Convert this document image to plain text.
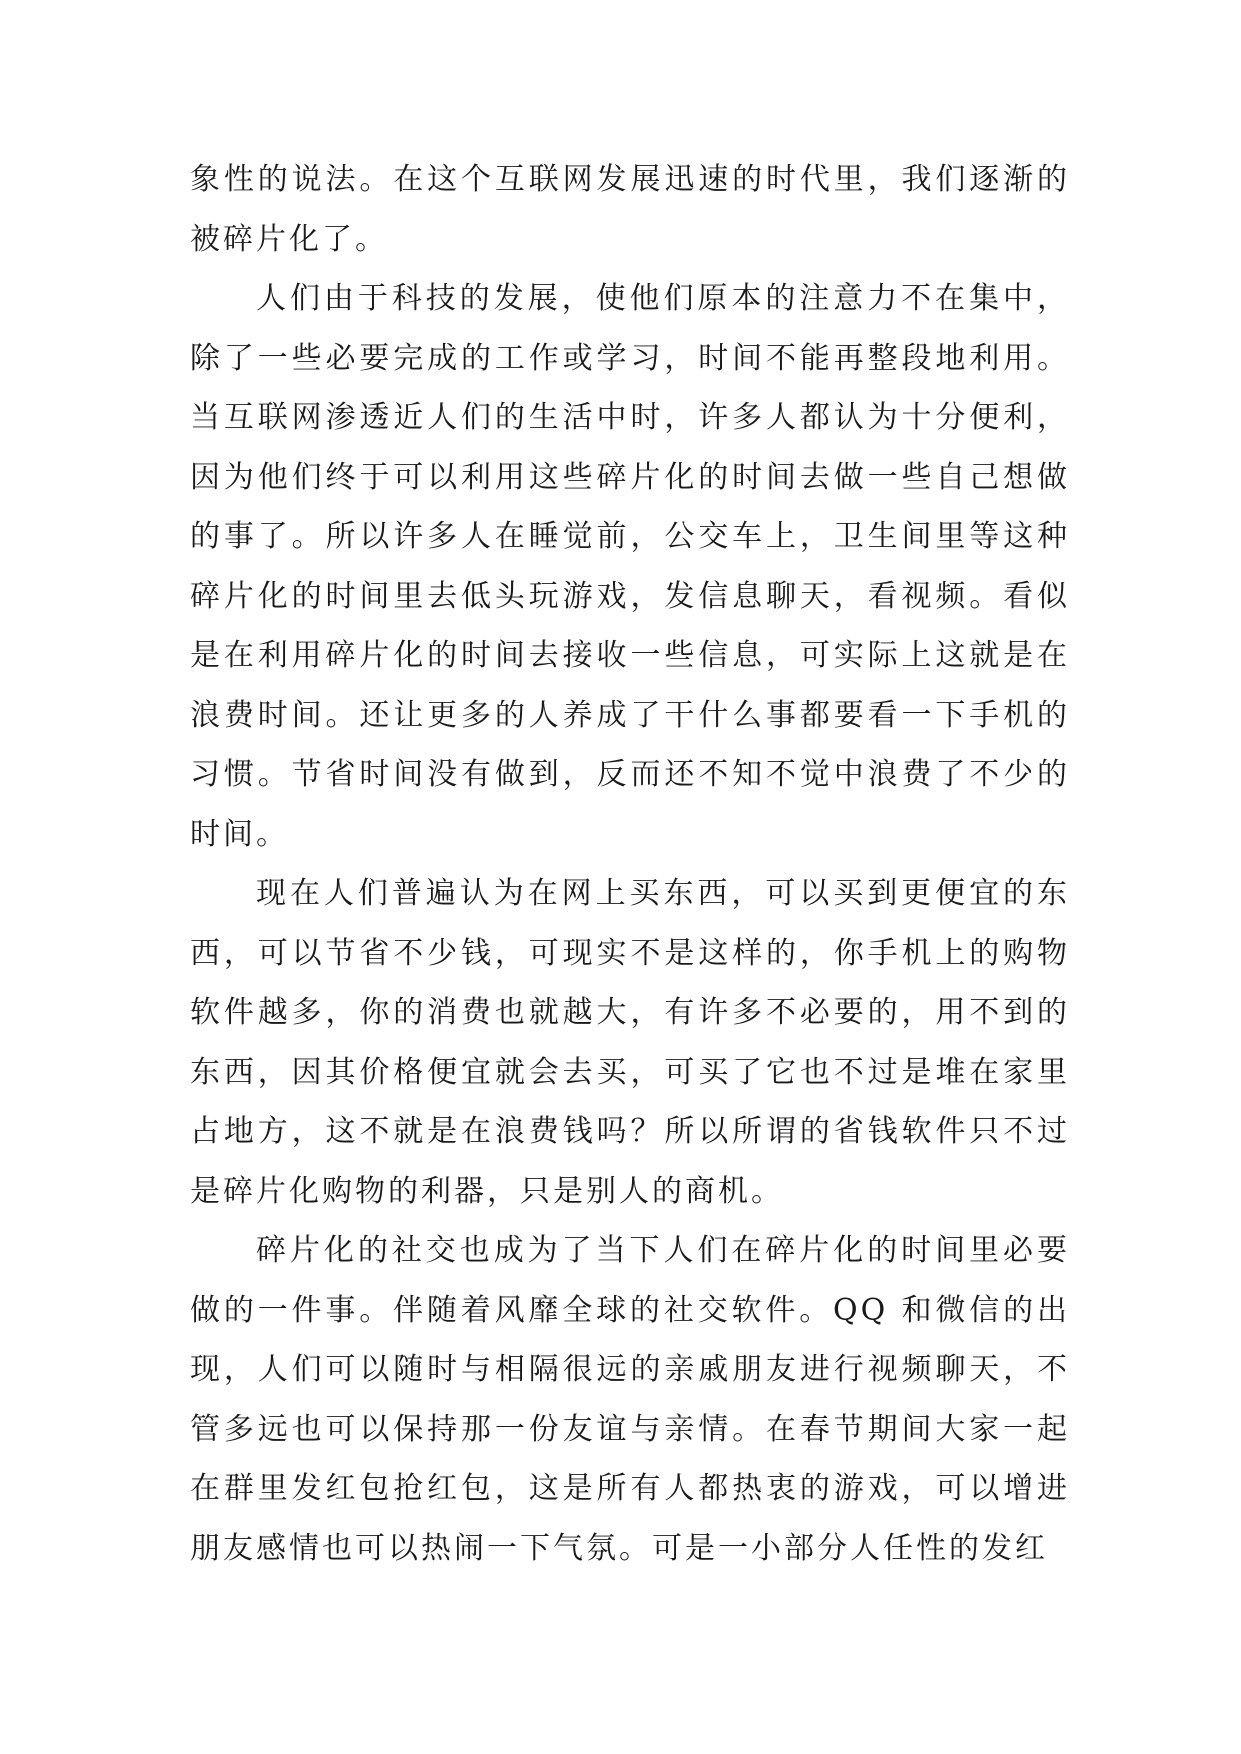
象性的说法。在这个互联网发展迅速的时代里，我们逐渐的被碎片化了。

人们由于科技的发展，使他们原本的注意力不在集中，除了一些必要完成的工作或学习，时间不能再整段地利用。当互联网渗透近人们的生活中时，许多人都认为十分便利，因为他们终于可以利用这些碎片化的时间去做一些自己想做的事了。所以许多人在睡觉前，公交车上，卫生间里等这种碎片化的时间里去低头玩游戏，发信息聊天，看视频。看似是在利用碎片化的时间去接收一些信息，可实际上这就是在浪费时间。还让更多的人养成了干什么事都要看一下手机的习惯。节省时间没有做到，反而还不知不觉中浪费了不少的时间。

现在人们普遍认为在网上买东西，可以买到更便宜的东西，可以节省不少钱，可现实不是这样的，你手机上的购物软件越多，你的消费也就越大，有许多不必要的，用不到的东西，因其价格便宜就会去买，可买了它也不过是堆在家里占地方，这不就是在浪费钱吗？所以所谓的省钱软件只不过是碎片化购物的利器，只是别人的商机。

碎片化的社交也成为了当下人们在碎片化的时间里必要做的一件事。伴随着风靡全球的社交软件。QQ 和微信的出现，人们可以随时与相隔很远的亲戚朋友进行视频聊天，不管多远也可以保持那一份友谊与亲情。在春节期间大家一起在群里发红包抢红包，这是所有人都热衷的游戏，可以增进朋友感情也可以热闹一下气氛。可是一小部分人任性的发红
